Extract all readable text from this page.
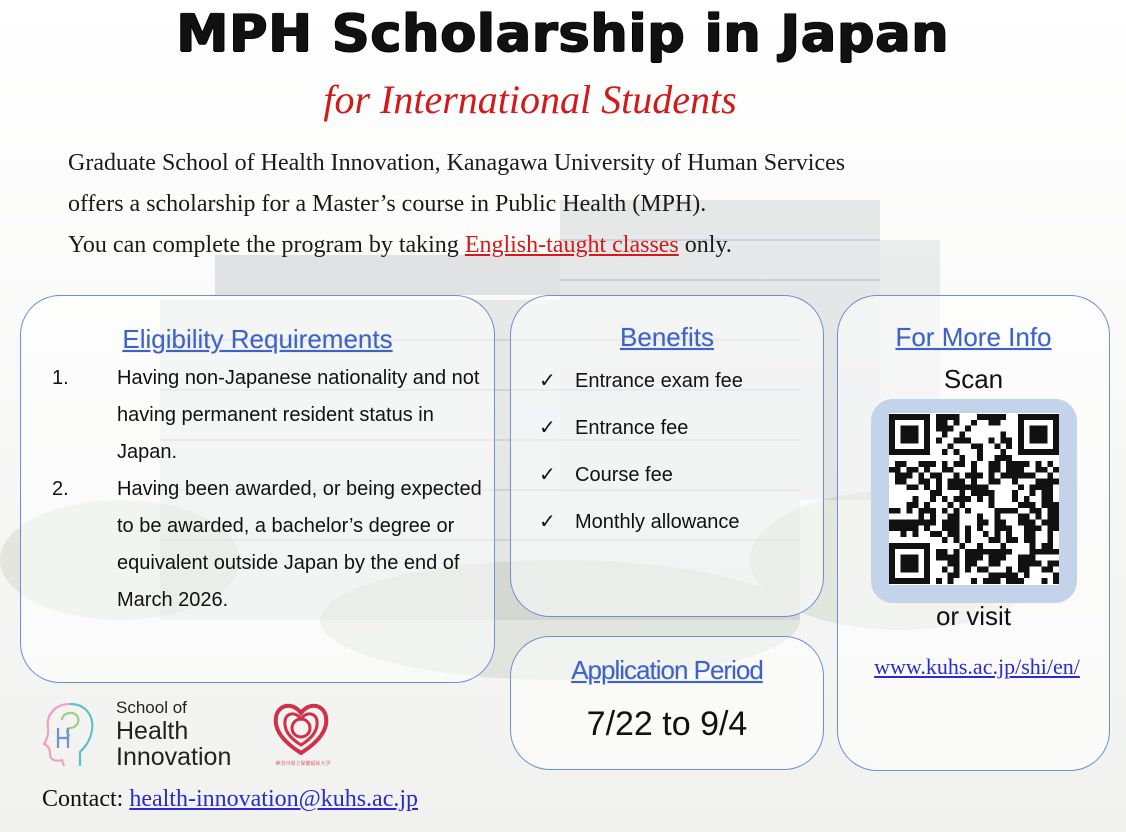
MPH Scholarship in Japan
for International Students

Graduate School of Health Innovation, Kanagawa University of Human Services

offers a scholarship for a Master’s course in Public Health (MPH).

You can complete the program by taking English-taught classes only.

Eligibility Requirements
1. Having non-Japanese nationality and not having permanent resident status in Japan.
2. Having been awarded, or being expected to be awarded, a bachelor’s degree or equivalent outside Japan by the end of March 2026.
Benefits
✓ Entrance exam fee
✓ Entrance fee
✓ Course fee
✓ Monthly allowance
Application Period
7/22 to 9/4
For More Info
Scan
or visit
www.kuhs.ac.jp/shi/en/
School of
Health
Innovation	神奈川県立保健福祉大学
Contact: health-innovation@kuhs.ac.jp
